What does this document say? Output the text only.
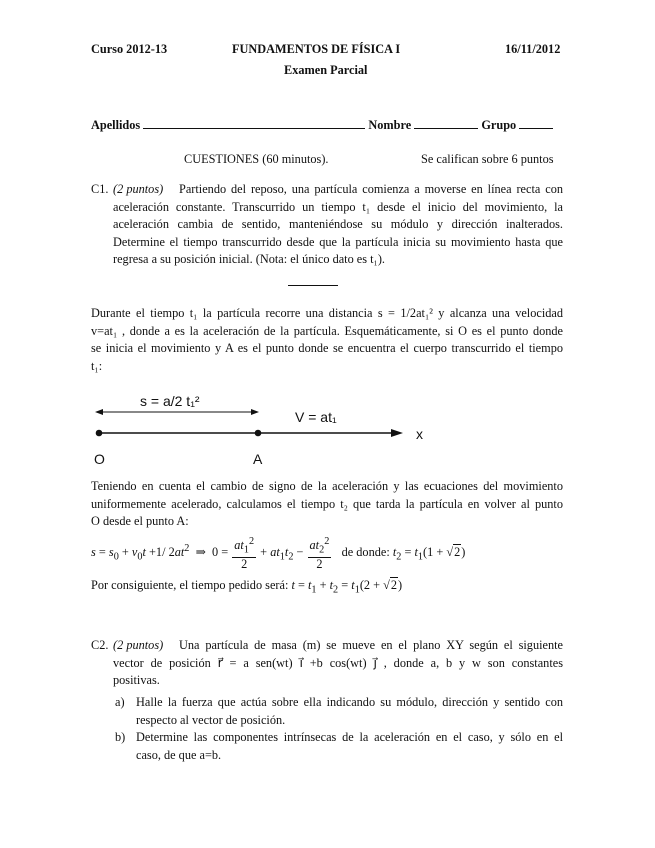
Curso 2012-13	FUNDAMENTOS DE FÍSICA I	16/11/2012
Examen Parcial
Apellidos	Nombre	Grupo
CUESTIONES (60 minutos).	Se califican sobre 6 puntos
C1. (2 puntos)	Partiendo del reposo, una partícula comienza a moverse en línea recta con
aceleración constante. Transcurrido un tiempo t₁ desde el inicio del movimiento, la
aceleración cambia de sentido, manteniéndose su módulo y dirección inalterados.
Determine el tiempo transcurrido desde que la partícula inicia su movimiento hasta que
regresa a su posición inicial. (Nota: el único dato es t₁).
Durante el tiempo t₁ la partícula recorre una distancia s = 1/2at₁² y alcanza una velocidad
v=at₁ , donde a es la aceleración de la partícula. Esquemáticamente, si O es el punto donde
se inicia el movimiento y A es el punto donde se encuentra el cuerpo transcurrido el tiempo
t₁:
s = a/2 t₁²
V = at₁
x
O	A
Teniendo en cuenta el cambio de signo de la aceleración y las ecuaciones del movimiento
uniformemente acelerado, calculamos el tiempo t₂ que tarda la partícula en volver al punto
O desde el punto A:
$s = s_0 + v_0t +1/$ $2at^2$  ⇒  $0 = \frac{at_1^2}{2} + at_1t_2 - \frac{at_2^2}{2}$ de donde: $t_2 = t_1(1 + √2)$
Por consiguiente, el tiempo pedido será: $t = t_1 + t_2 = t_1(2 + √2)$
C2. (2 puntos)	Una partícula de masa (m) se mueve en el plano XY según el siguiente
vector de posición r⃗ = a sen(wt) i⃗ +b cos(wt) j⃗ , donde a, b y w son constantes
positivas.
a) Halle la fuerza que actúa sobre ella indicando su módulo, dirección y sentido con
respecto al vector de posición.
b) Determine las componentes intrínsecas de la aceleración en el caso, y sólo en el
caso, de que a=b.
